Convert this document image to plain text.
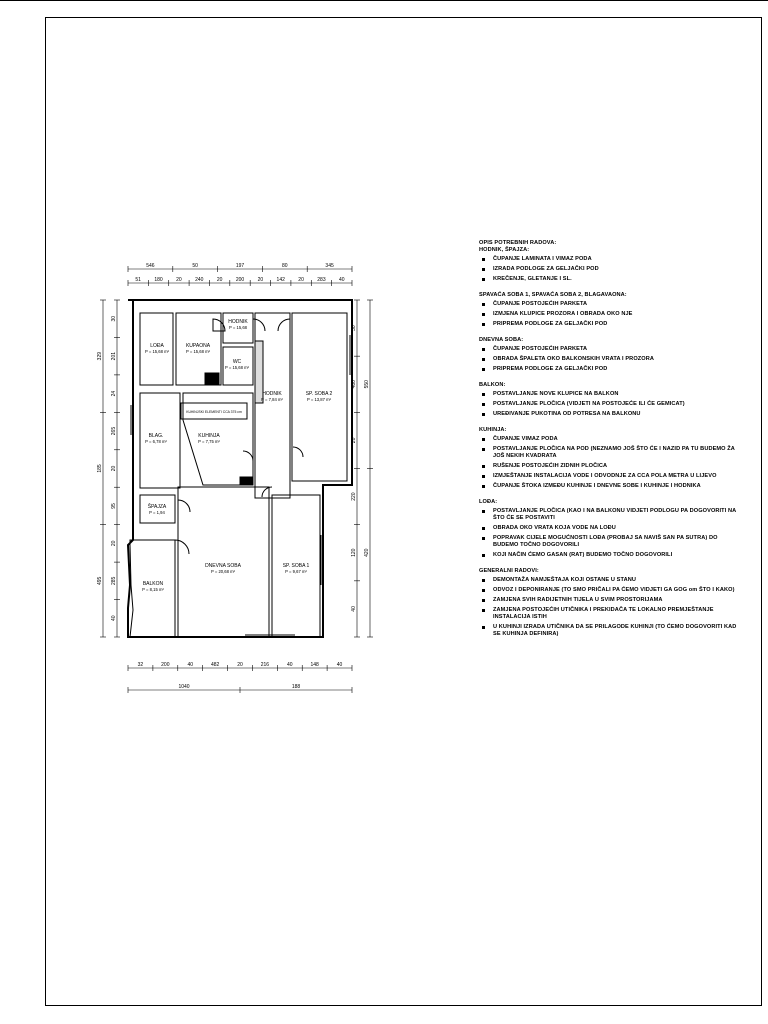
546	50	197	80	345
51	180	20	240	20	200	20	142	20	283	40
329
185
495
30
201
24
265
20
95
20
285
40
550
420
30
480
20
220
120
40
32	200	40	482	20	216	40	148	40
1040	188
LOĐA
P = 15,68 m²
KUPAONA
P = 15,68 m²
HODNIK
P = 15,68
WC
P = 15,68 m²
HODNIK
P = 7,84 m²
SP. SOBA 2
P = 13,87 m²
BLAG.
P = 6,78 m²
KUHINJA
P = 7,75 m²
ŠPAJZA
P = 1,94
DNEVNA SOBA
P = 20,68 m²
SP. SOBA 1
P = 9,67 m²
BALKON
P = 8,15 m²
KUHINJSKI ELEMENTI CCA 375 cm
OPIS POTREBNIH RADOVA:
HODNIK, ŠPAJZA:
ČUPANJE LAMINATA I VIMAZ PODA
IZRADA PODLOGE ZA GELJAČKI POD
KREČENJE, GLETANJE I SL.
SPAVAĆA SOBA 1, SPAVAĆA SOBA 2, BLAGAVAONA:
ČUPANJE POSTOJEĆIH PARKETA
IZMJENA KLUPICE PROZORA I OBRADA OKO NJE
PRIPREMA PODLOGE ZA GELJAČKI POD
DNEVNA SOBA:
ČUPANJE POSTOJEĆIH PARKETA
OBRADA ŠPALETA OKO BALKONSKIH VRATA I PROZORA
PRIPREMA PODLOGE ZA GELJAČKI POD
BALKON:
POSTAVLJANJE NOVE KLUPICE NA BALKON
POSTAVLJANJE PLOČICA (VIDJETI NA POSTOJEĆE ILI ĆE GEMICAT)
UREĐIVANJE PUKOTINA OD POTRESA NA BALKONU
KUHINJA:
ČUPANJE VIMAZ PODA
POSTAVLJANJE PLOČICA NA POD (NEZNAMO JOŠ ŠTO ĆE I NAZID PA TU BUDEMO ŽA JOŠ NEKIH KVADRATA
RUŠENJE POSTOJEĆIH ZIDNIH PLOČICA
IZMJEŠTANJE INSTALACIJA VODE I ODVODNJE ZA CCA POLA METRA U LIJEVO
ČUPANJE ŠTOKA IZMEĐU KUHINJE I DNEVNE SOBE I KUHINJE I HODNIKA
LOĐA:
POSTAVLJANJE PLOČICA (KAO I NA BALKONU VIDJETI PODLOGU PA DOGOVORITI NA ŠTO ĆE SE POSTAVITI
OBRADA OKO VRATA KOJA VODE NA LOĐU
POPRAVAK CIJELE MOGUĆNOSTI LOĐA (PROBAJ SA NAVIŠ SAN PA SUTRA) DO BUDEMO TOČNO DOGOVORILI
KOJI NAČIN ĆEMO GASAN (RAT) BUDEMO TOČNO DOGOVORILI
GENERALNI RADOVI:
DEMONTAŽA NAMJEŠTAJA KOJI OSTANE U STANU
ODVOZ I DEPONIRANJE (TO SMO PRIČALI PA ĆEMO VIDJETI GA GOG om ŠTO I KAKO)
ZAMJENA SVIH RADIJETNIH TIJELA U SVIM PROSTORIJAMA
ZAMJENA POSTOJEĆIH UTIČNIKA I PREKIDAČA TE LOKALNO PREMJEŠTANJE INSTALACIJA ISTIH
U KUHINJI IZRADA UTIČNIKA DA SE PRILAGODE KUHINJI (TO ĆEMO DOGOVORITI KAD SE KUHINJA DEFINIRA)
